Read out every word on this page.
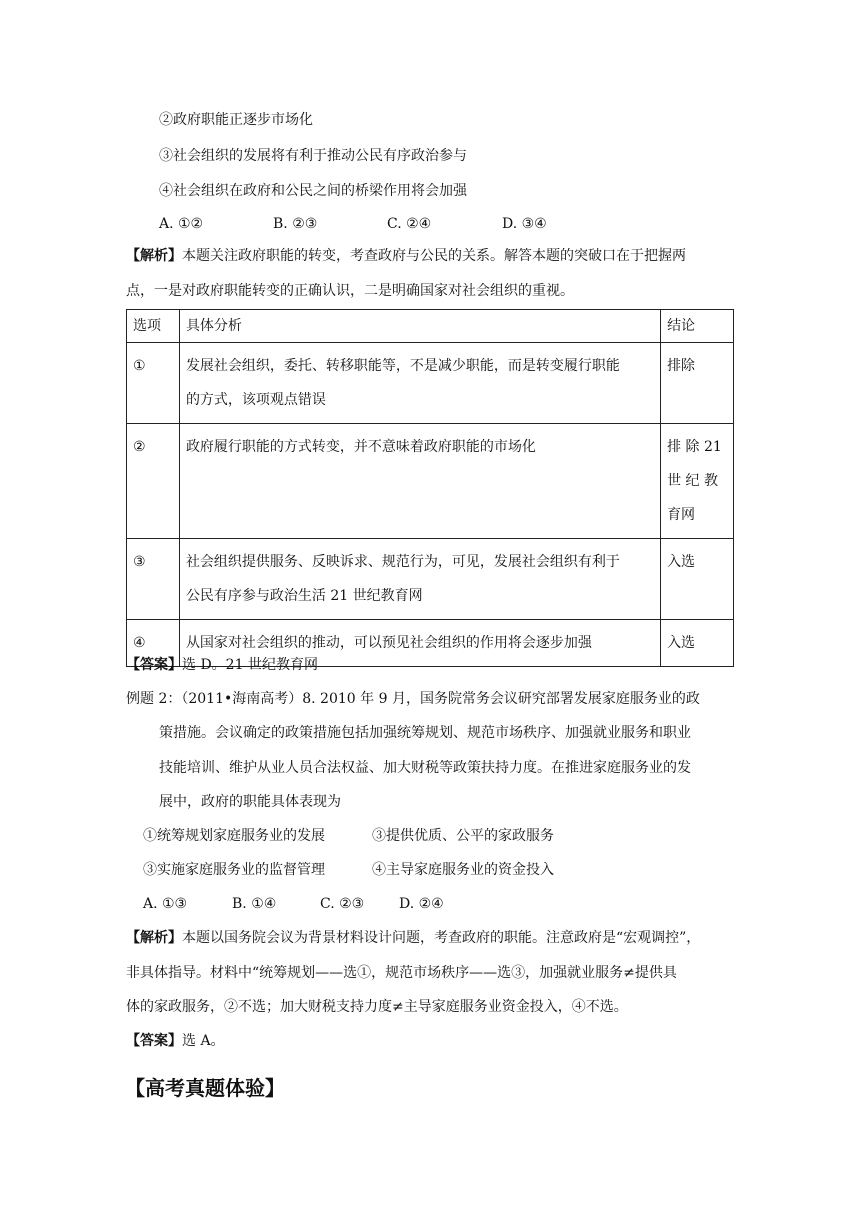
②政府职能正逐步市场化
③社会组织的发展将有利于推动公民有序政治参与
④社会组织在政府和公民之间的桥梁作用将会加强
A. ①②	B. ②③	C. ②④	D. ③④
【解析】本题关注政府职能的转变，考查政府与公民的关系。解答本题的突破口在于把握两
点，一是对政府职能转变的正确认识，二是明确国家对社会组织的重视。
选项	具体分析	结论
①	发展社会组织，委托、转移职能等，不是减少职能，而是转变履行职能
的方式，该项观点错误	排除

②	政府履行职能的方式转变，并不意味着政府职能的市场化	排 除 21
世 纪 教
育网

③	社会组织提供服务、反映诉求、规范行为，可见，发展社会组织有利于
公民有序参与政治生活 21 世纪教育网	入选

④	从国家对社会组织的推动，可以预见社会组织的作用将会逐步加强	入选
【答案】选 D。21 世纪教育网
例题 2：（2011•海南高考）8. 2010 年 9 月，国务院常务会议研究部署发展家庭服务业的政
策措施。会议确定的政策措施包括加强统筹规划、规范市场秩序、加强就业服务和职业
技能培训、维护从业人员合法权益、加大财税等政策扶持力度。在推进家庭服务业的发
展中，政府的职能具体表现为
①统筹规划家庭服务业的发展	③提供优质、公平的家政服务
③实施家庭服务业的监督管理	④主导家庭服务业的资金投入
A. ①③	B. ①④	C. ②③ D. ②④
【解析】本题以国务院会议为背景材料设计问题，考查政府的职能。注意政府是“宏观调控”，
非具体指导。材料中“统筹规划——选①，规范市场秩序——选③，加强就业服务≠提供具
体的家政服务，②不选；加大财税支持力度≠主导家庭服务业资金投入，④不选。
【答案】选 A。
【高考真题体验】
